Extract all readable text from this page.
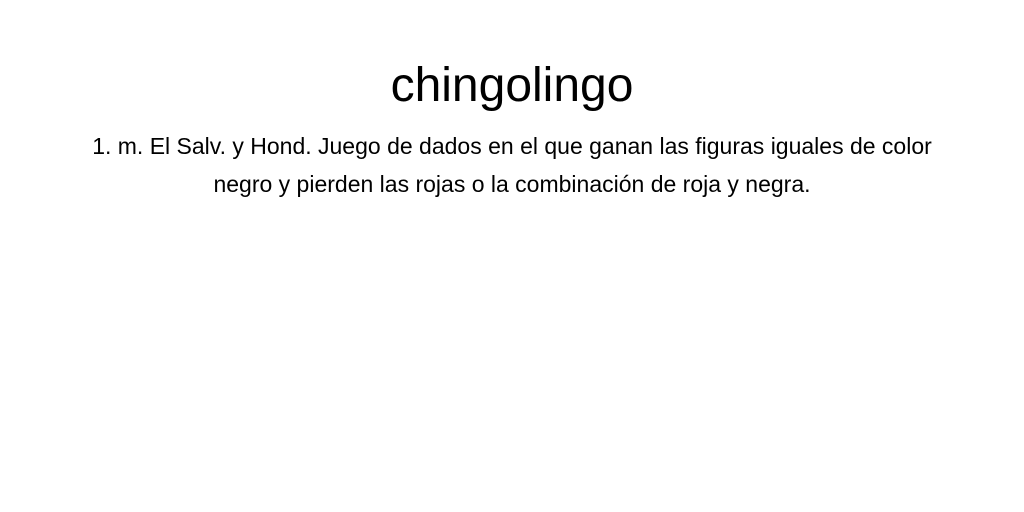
chingolingo

1. m. El Salv. y Hond. Juego de dados en el que ganan las figuras iguales de color negro y pierden las rojas o la combinación de roja y negra.
